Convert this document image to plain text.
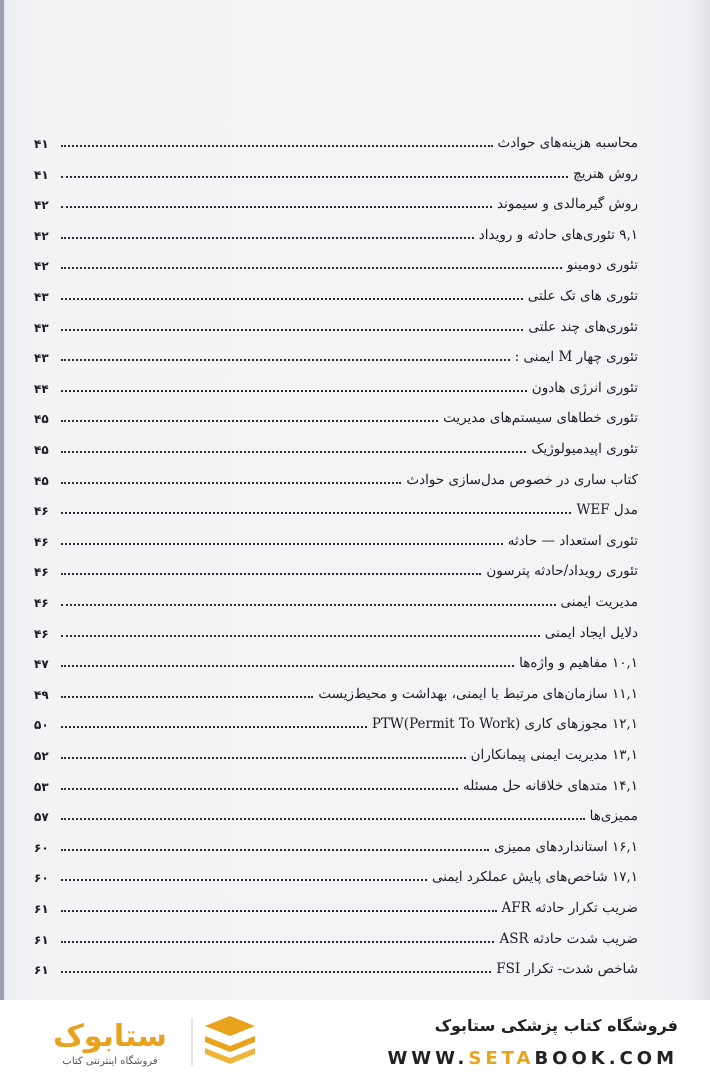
محاسبه هزینه‌های حوادث
۴۱
روش هنریچ
۴۱
روش گیرمالدی و سیموند
۴۲
۹,۱ تئوری‌های حادثه و رویداد
۴۲
تئوری دومینو
۴۲
تئوری های تک علتی
۴۳
تئوری‌های چند علتی
۴۳
تئوری چهار M ایمنی :
۴۳
تئوری انرژی هادون
۴۴
تئوری خطاهای سیستم‌های مدیریت
۴۵
تئوری اپیدمیولوژیک
۴۵
کتاب ساری در خصوص مدل‌سازی حوادث
۴۵
مدل WEF
۴۶
تئوری استعداد — حادثه
۴۶
تئوری رویداد/حادثه پترسون
۴۶
مدیریت ایمنی
۴۶
دلایل ایجاد ایمنی
۴۶
۱۰,۱ مفاهیم و واژه‌ها
۴۷
۱۱,۱ سازمان‌های مرتبط با ایمنی، بهداشت و محیط‌زیست
۴۹
۱۲,۱ مجوزهای کاری (Permit To Work)PTW
۵۰
۱۳,۱ مدیریت ایمنی پیمانکاران
۵۲
۱۴,۱ متدهای خلاقانه حل مسئله
۵۳
ممیزی‌ها
۵۷
۱۶,۱ استانداردهای ممیزی
۶۰
۱۷,۱ شاخص‌های پایش عملکرد ایمنی
۶۰
ضریب تکرار حادثه AFR
۶۱
ضریب شدت حادثه ASR
۶۱
شاخص شدت- تکرار FSI
۶۱
ستابوک
فروشگاه اینترنتی کتاب
فروشگاه کتاب پزشکی ستابوک
WWW.SETABOOK.COM
